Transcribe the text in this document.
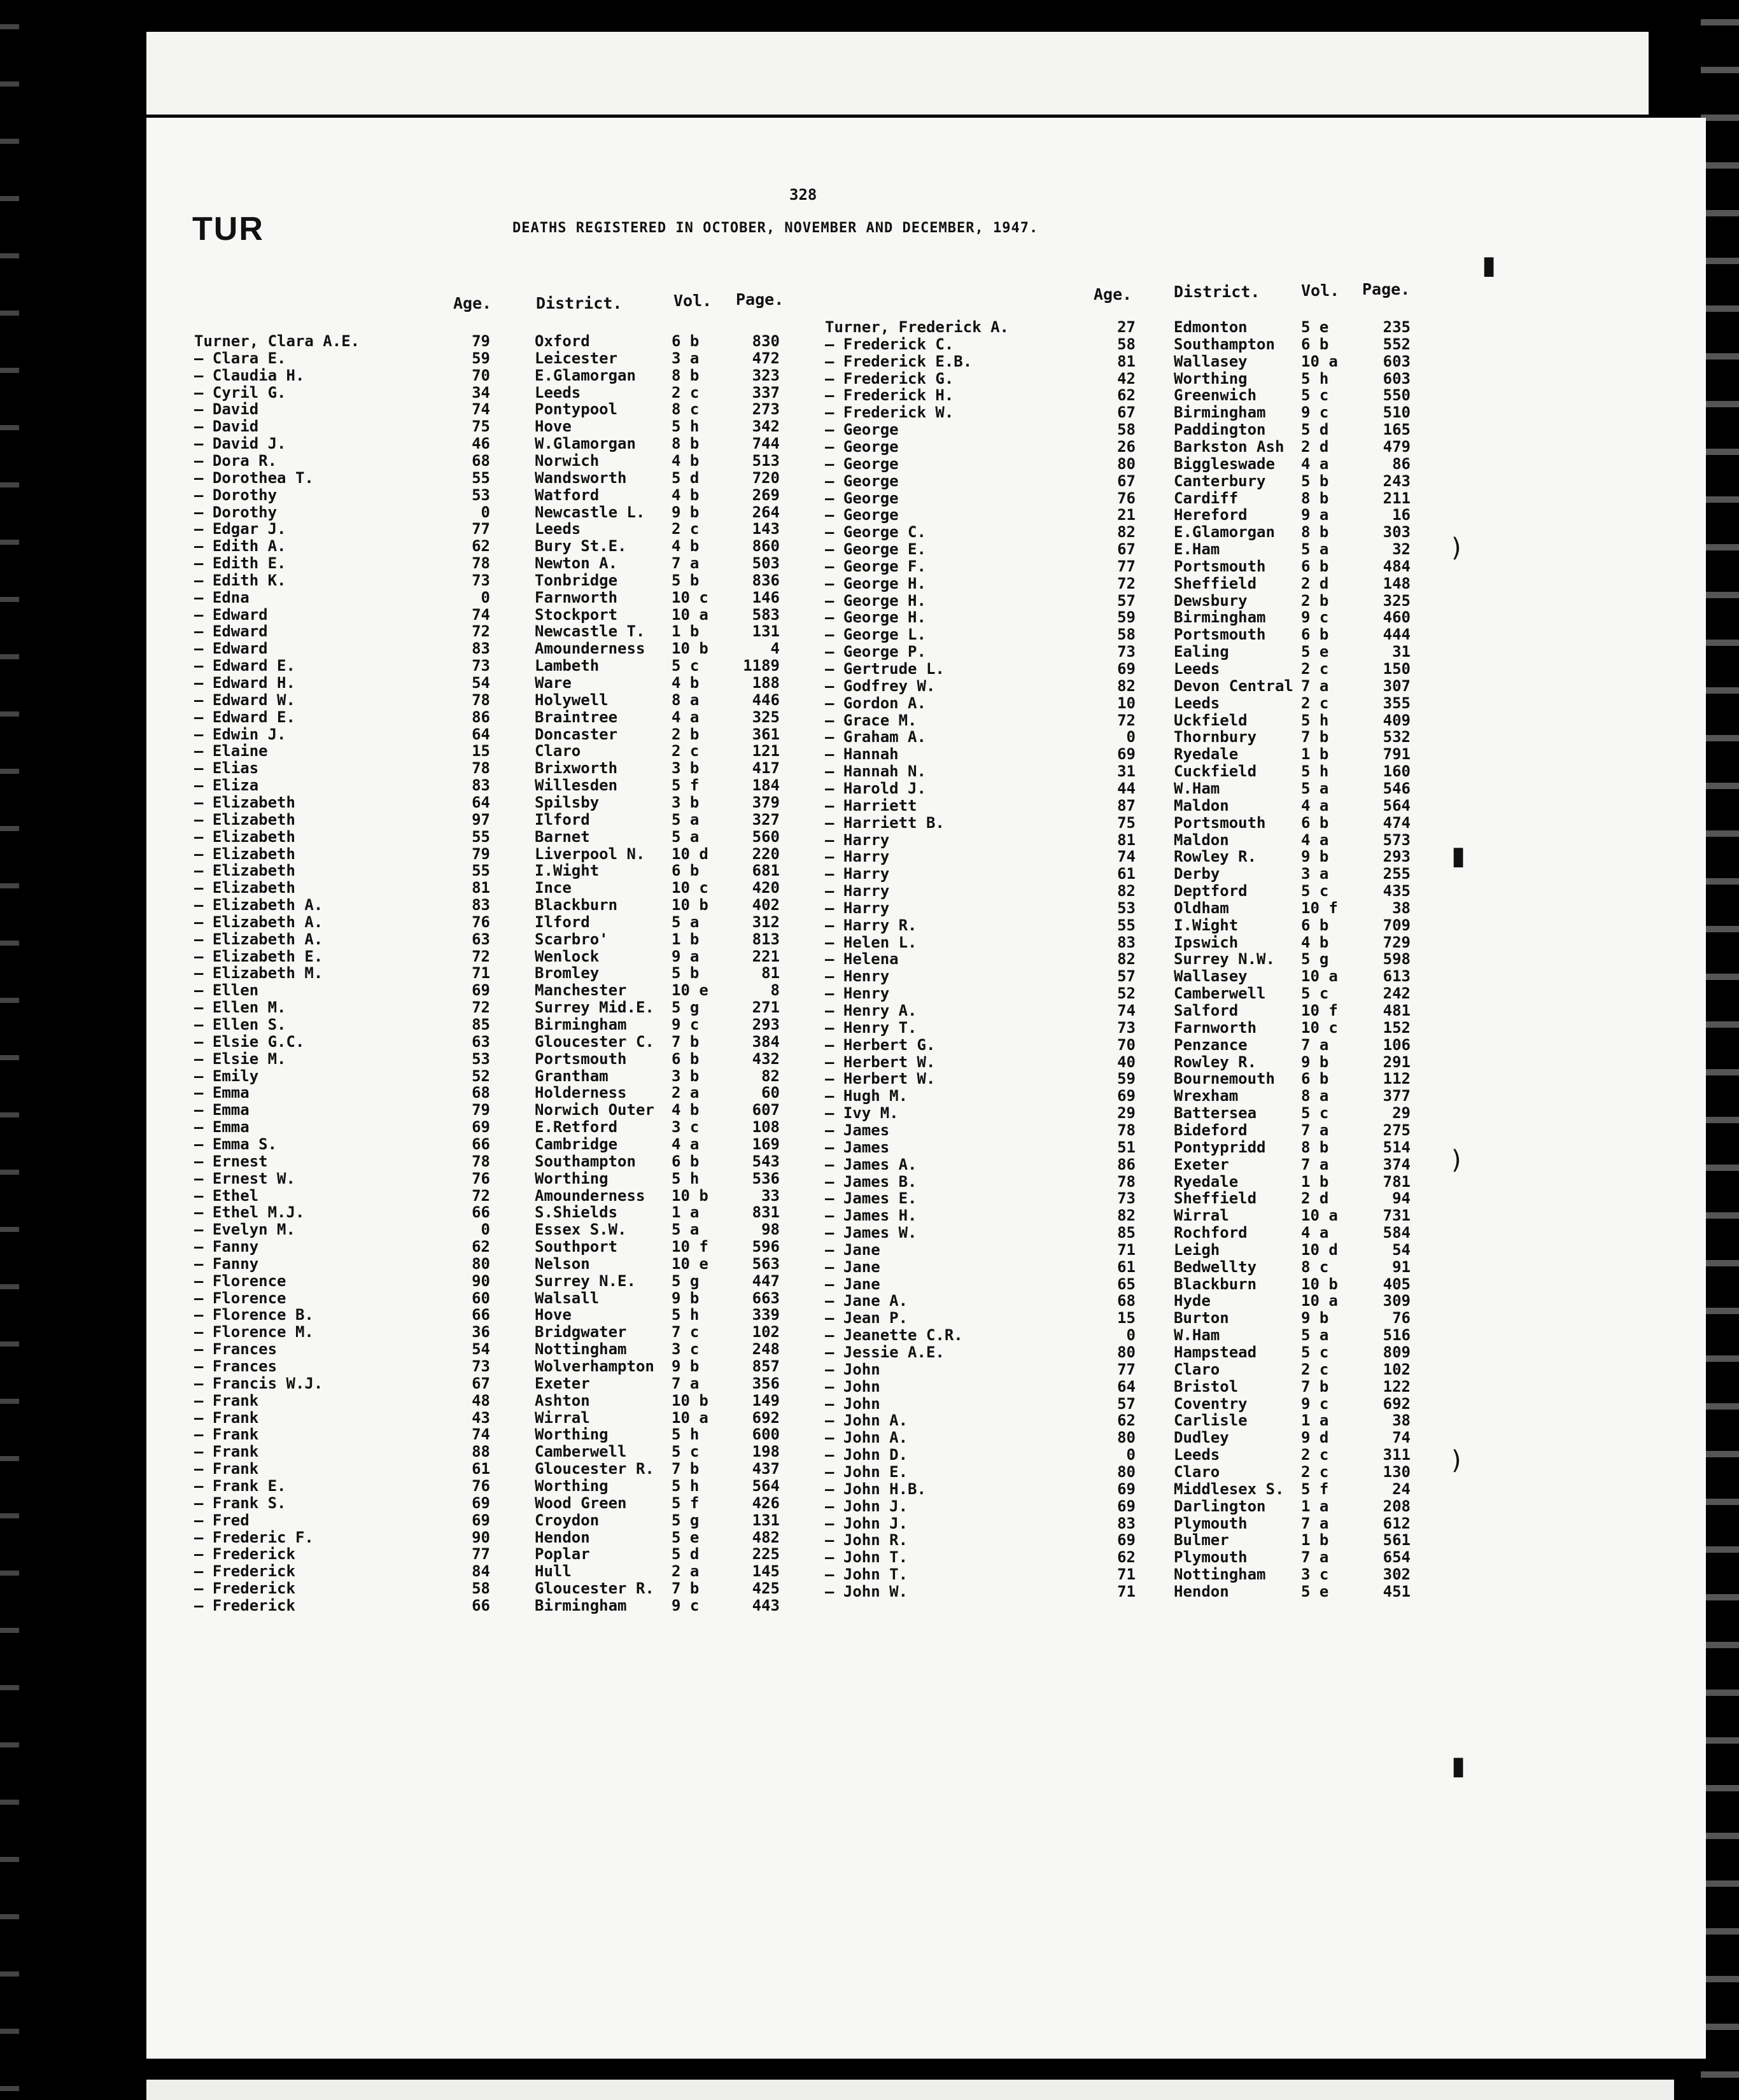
328
TUR	DEATHS REGISTERED IN OCTOBER, NOVEMBER AND DECEMBER, 1947.
Age.	District.	Vol. Page.	Age.	District.	Vol. Page.
Turner, Clara A.E.	79	Oxford	6 b	830
— Clara E.	59	Leicester	3 a	472
— Claudia H.	70	E.Glamorgan 8 b	323
— Cyril G.	34	Leeds	2 c	337
— David	74	Pontypool	8 c	273
— David	75	Hove	5 h	342
— David J.	46	W.Glamorgan 8 b	744
— Dora R.	68	Norwich	4 b	513
— Dorothea T.	55	Wandsworth	5 d	720
— Dorothy	53	Watford	4 b	269
— Dorothy	0	Newcastle L. 9 b	264
— Edgar J.	77	Leeds	2 c	143
— Edith A.	62	Bury St.E.	4 b	860
— Edith E.	78	Newton A.	7 a	503
— Edith K.	73	Tonbridge	5 b	836
— Edna	0	Farnworth	10 c	146
— Edward	74	Stockport	10 a	583
— Edward	72	Newcastle T. 1 b	131
— Edward	83	Amounderness 10 b	4
— Edward E.	73	Lambeth	5 c	1189
— Edward H.	54	Ware	4 b	188
— Edward W.	78	Holywell	8 a	446
— Edward E.	86	Braintree	4 a	325
— Edwin J.	64	Doncaster	2 b	361
— Elaine	15	Claro	2 c	121
— Elias	78	Brixworth	3 b	417
— Eliza	83	Willesden	5 f	184
— Elizabeth	64	Spilsby	3 b	379
— Elizabeth	97	Ilford	5 a	327
— Elizabeth	55	Barnet	5 a	560
— Elizabeth	79	Liverpool N. 10 d	220
— Elizabeth	55	I.Wight	6 b	681
— Elizabeth	81	Ince	10 c	420
— Elizabeth A.	83	Blackburn	10 b	402
— Elizabeth A.	76	Ilford	5 a	312
— Elizabeth A.	63	Scarbro'	1 b	813
— Elizabeth E.	72	Wenlock	9 a	221
— Elizabeth M.	71	Bromley	5 b	81
— Ellen	69	Manchester	10 e	8
— Ellen M.	72	Surrey Mid.E. 5 g	271
— Ellen S.	85	Birmingham	9 c	293
— Elsie G.C.	63	Gloucester C. 7 b	384
— Elsie M.	53	Portsmouth	6 b	432
— Emily	52	Grantham	3 b	82
— Emma	68	Holderness	2 a	60
— Emma	79	Norwich Outer 4 b	607
— Emma	69	E.Retford	3 c	108
— Emma S.	66	Cambridge	4 a	169
— Ernest	78	Southampton 6 b	543
— Ernest W.	76	Worthing	5 h	536
— Ethel	72	Amounderness 10 b	33
— Ethel M.J.	66	S.Shields	1 a	831
— Evelyn M.	0	Essex S.W.	5 a	98
— Fanny	62	Southport	10 f	596
— Fanny	80	Nelson	10 e	563
— Florence	90	Surrey N.E. 5 g	447
— Florence	60	Walsall	9 b	663
— Florence B.	66	Hove	5 h	339
— Florence M.	36	Bridgwater	7 c	102
— Frances	54	Nottingham	3 c	248
— Frances	73	Wolverhampton 9 b	857
— Francis W.J.	67	Exeter	7 a	356
— Frank	48	Ashton	10 b	149
— Frank	43	Wirral	10 a	692
— Frank	74	Worthing	5 h	600
— Frank	88	Camberwell	5 c	198
— Frank	61	Gloucester R. 7 b	437
— Frank E.	76	Worthing	5 h	564
— Frank S.	69	Wood Green	5 f	426
— Fred	69	Croydon	5 g	131
— Frederic F.	90	Hendon	5 e	482
— Frederick	77	Poplar	5 d	225
— Frederick	84	Hull	2 a	145
— Frederick	58	Gloucester R. 7 b	425
— Frederick	66	Birmingham	9 c	443
Turner, Frederick A.	27	Edmonton	5 e	235
— Frederick C.	58	Southampton 6 b	552
— Frederick E.B.	81	Wallasey	10 a	603
— Frederick G.	42	Worthing	5 h	603
— Frederick H.	62	Greenwich	5 c	550
— Frederick W.	67	Birmingham 9 c	510
— George	58	Paddington 5 d	165
— George	26	Barkston Ash 2 d	479
— George	80	Biggleswade 4 a	86
— George	67	Canterbury 5 b	243
— George	76	Cardiff	8 b	211
— George	21	Hereford	9 a	16
— George C.	82	E.Glamorgan 8 b	303
— George E.	67	E.Ham	5 a	32
— George F.	77	Portsmouth 6 b	484
— George H.	72	Sheffield	2 d	148
— George H.	57	Dewsbury	2 b	325
— George H.	59	Birmingham 9 c	460
— George L.	58	Portsmouth 6 b	444
— George P.	73	Ealing	5 e	31
— Gertrude L.	69	Leeds	2 c	150
— Godfrey W.	82	Devon Central 7 a	307
— Gordon A.	10	Leeds	2 c	355
— Grace M.	72	Uckfield	5 h	409
— Graham A.	0	Thornbury	7 b	532
— Hannah	69	Ryedale	1 b	791
— Hannah N.	31	Cuckfield	5 h	160
— Harold J.	44	W.Ham	5 a	546
— Harriett	87	Maldon	4 a	564
— Harriett B.	75	Portsmouth 6 b	474
— Harry	81	Maldon	4 a	573
— Harry	74	Rowley R.	9 b	293
— Harry	61	Derby	3 a	255
— Harry	82	Deptford	5 c	435
— Harry	53	Oldham	10 f	38
— Harry R.	55	I.Wight	6 b	709
— Helen L.	83	Ipswich	4 b	729
— Helena	82	Surrey N.W. 5 g	598
— Henry	57	Wallasey	10 a	613
— Henry	52	Camberwell 5 c	242
— Henry A.	74	Salford	10 f	481
— Henry T.	73	Farnworth	10 c	152
— Herbert G.	70	Penzance	7 a	106
— Herbert W.	40	Rowley R.	9 b	291
— Herbert W.	59	Bournemouth 6 b	112
— Hugh M.	69	Wrexham	8 a	377
— Ivy M.	29	Battersea	5 c	29
— James	78	Bideford	7 a	275
— James	51	Pontypridd 8 b	514
— James A.	86	Exeter	7 a	374
— James B.	78	Ryedale	1 b	781
— James E.	73	Sheffield	2 d	94
— James H.	82	Wirral	10 a	731
— James W.	85	Rochford	4 a	584
— Jane	71	Leigh	10 d	54
— Jane	61	Bedwellty	8 c	91
— Jane	65	Blackburn	10 b	405
— Jane A.	68	Hyde	10 a	309
— Jean P.	15	Burton	9 b	76
— Jeanette C.R.	0	W.Ham	5 a	516
— Jessie A.E.	80	Hampstead	5 c	809
— John	77	Claro	2 c	102
— John	64	Bristol	7 b	122
— John	57	Coventry	9 c	692
— John A.	62	Carlisle	1 a	38
— John A.	80	Dudley	9 d	74
— John D.	0	Leeds	2 c	311
— John E.	80	Claro	2 c	130
— John H.B.	69	Middlesex S. 5 f	24
— John J.	69	Darlington 1 a	208
— John J.	83	Plymouth	7 a	612
— John R.	69	Bulmer	1 b	561
— John T.	62	Plymouth	7 a	654
— John T.	71	Nottingham 3 c	302
— John W.	71	Hendon	5 e	451
▮
)
▮
)
)
▮
